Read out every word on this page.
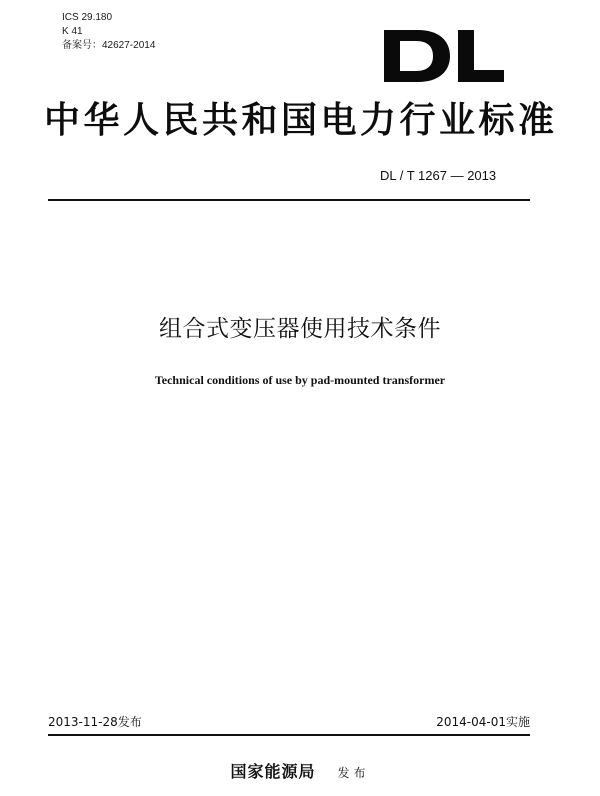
ICS 29.180
K 41
备案号：42627-2014
中华人民共和国电力行业标准
DL / T 1267 — 2013
组合式变压器使用技术条件
Technical conditions of use by pad-mounted transformer
2013-11-28发布	2014-04-01实施
国家能源局 发布
